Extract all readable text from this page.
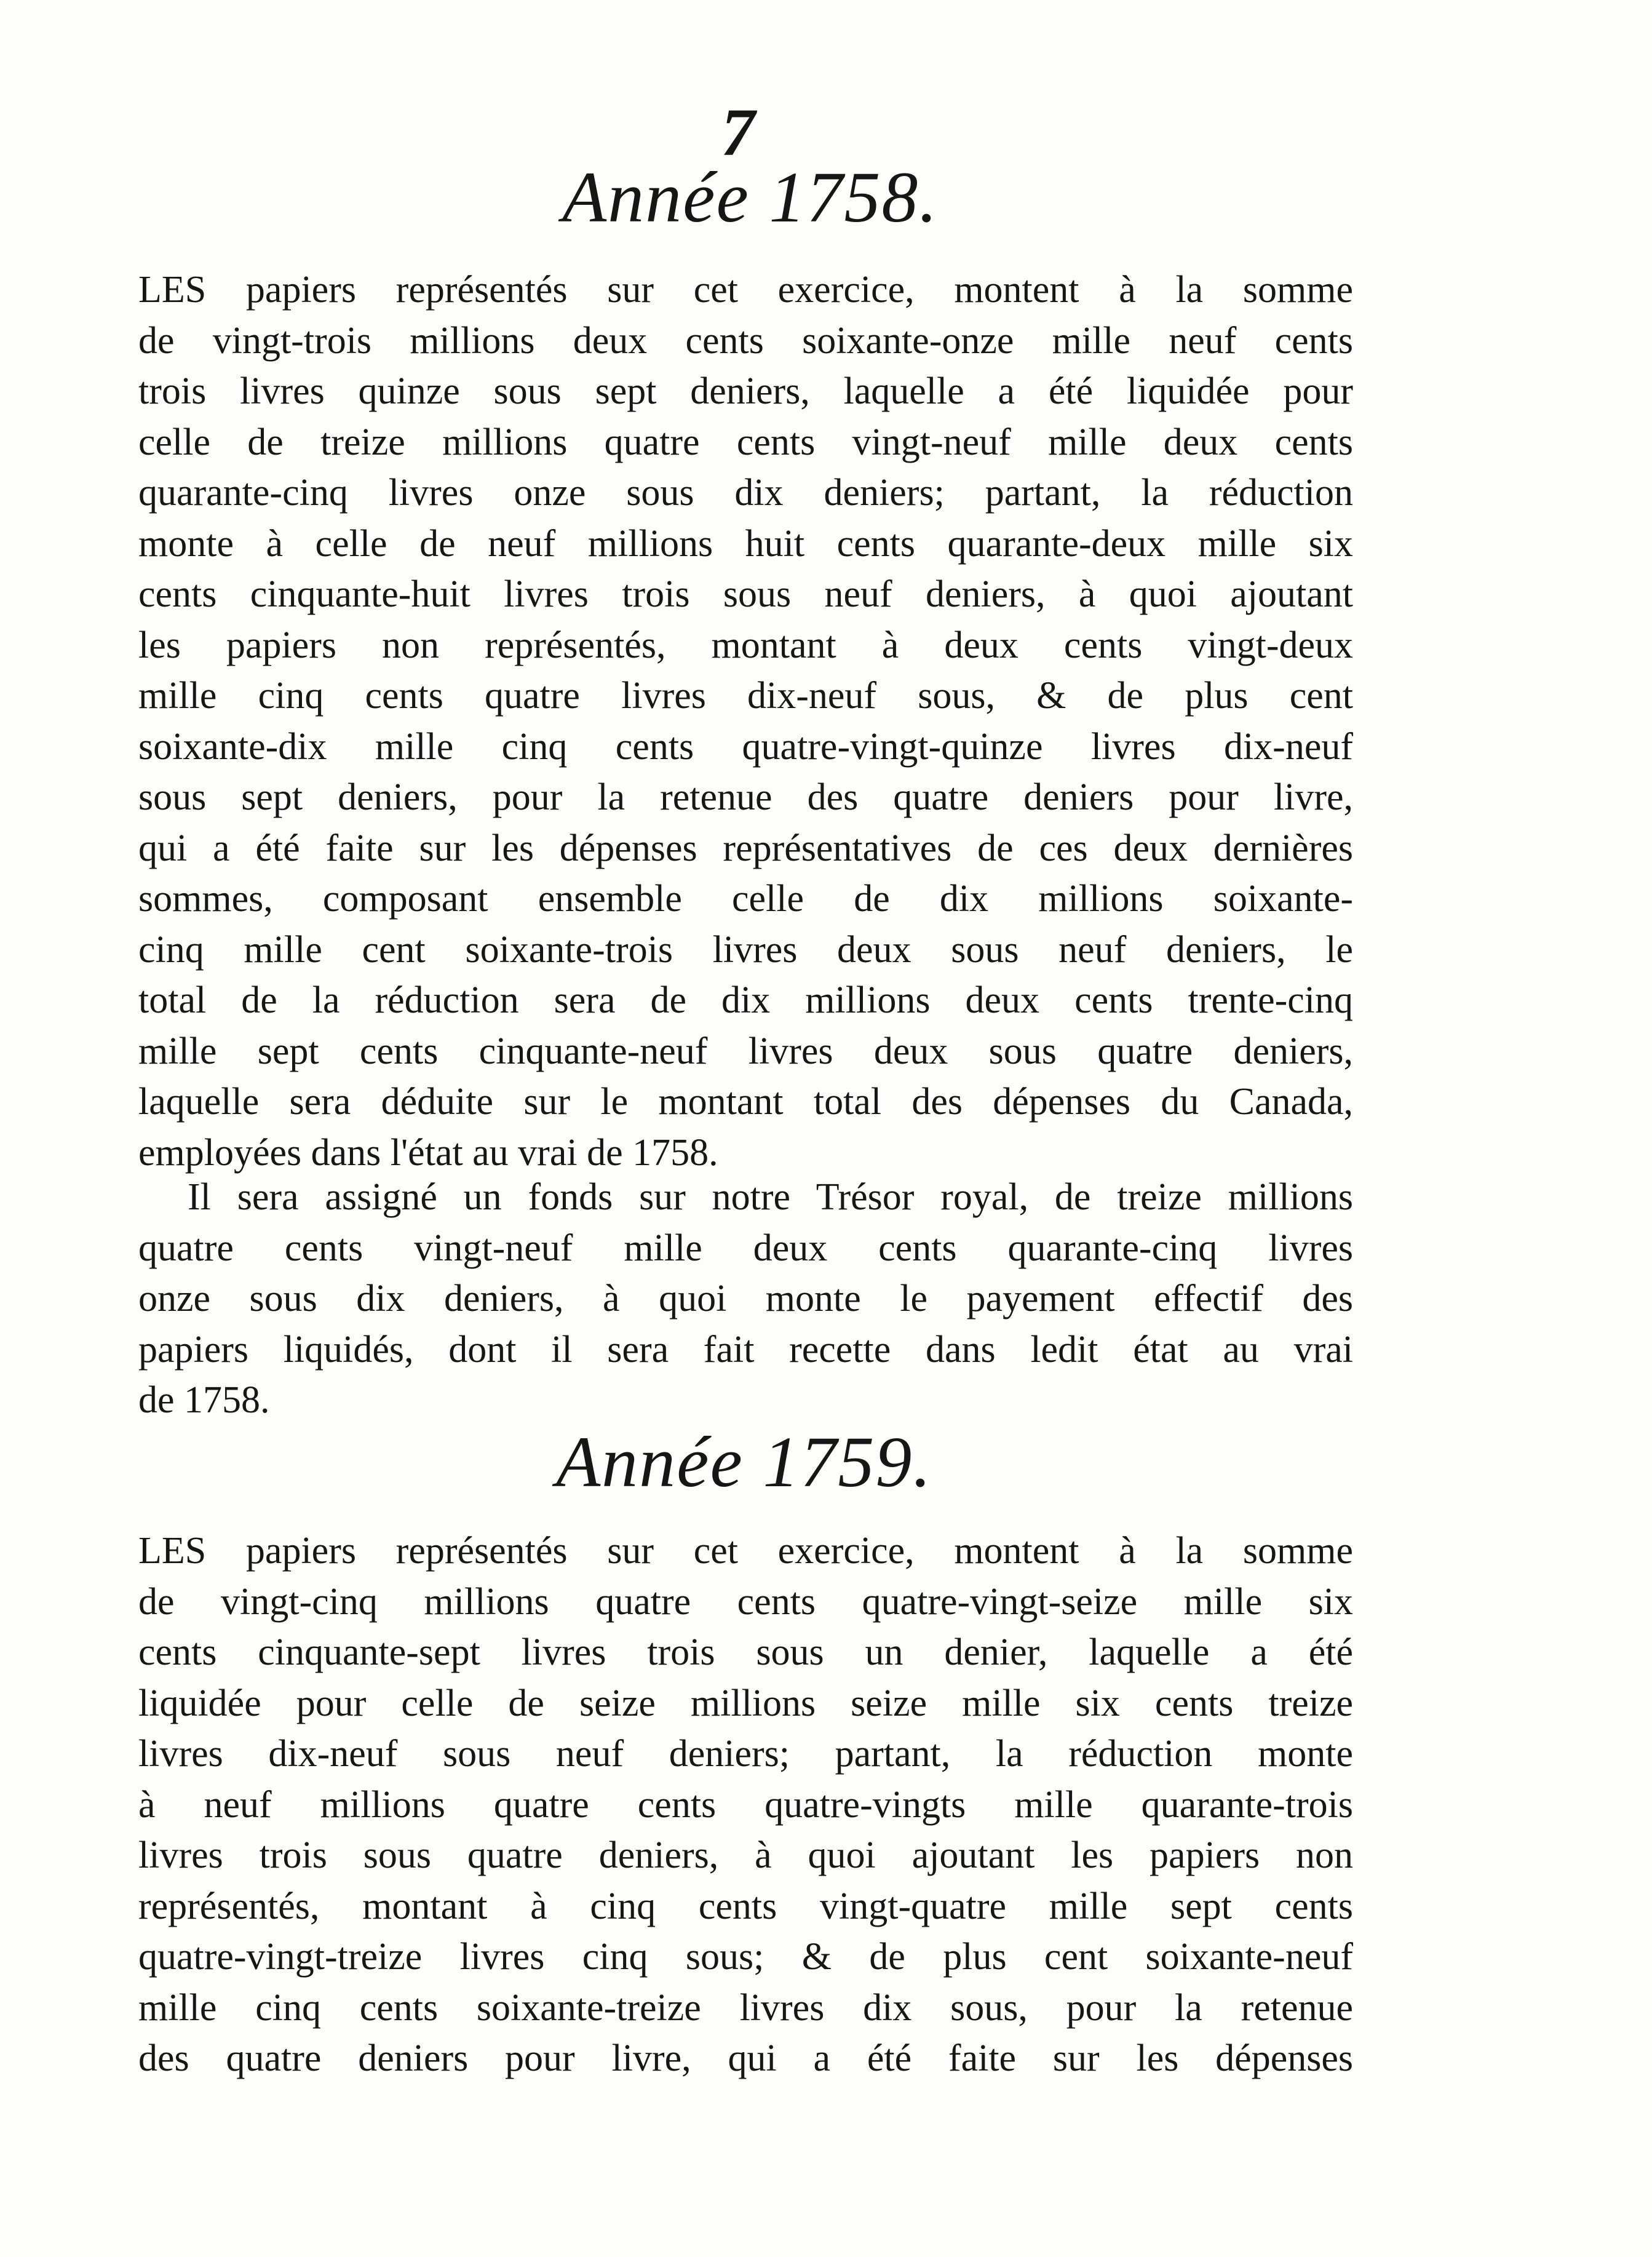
7
Année 1758.
LES papiers représentés sur cet exercice, montent à la somme
de vingt-trois millions deux cents soixante-onze mille neuf cents
trois livres quinze sous sept deniers, laquelle a été liquidée pour
celle de treize millions quatre cents vingt-neuf mille deux cents
quarante-cinq livres onze sous dix deniers; partant, la réduction
monte à celle de neuf millions huit cents quarante-deux mille six
cents cinquante-huit livres trois sous neuf deniers, à quoi ajoutant
les papiers non représentés, montant à deux cents vingt-deux
mille cinq cents quatre livres dix-neuf sous, & de plus cent
soixante-dix mille cinq cents quatre-vingt-quinze livres dix-neuf
sous sept deniers, pour la retenue des quatre deniers pour livre,
qui a été faite sur les dépenses représentatives de ces deux dernières
sommes, composant ensemble celle de dix millions soixante-
cinq mille cent soixante-trois livres deux sous neuf deniers, le
total de la réduction sera de dix millions deux cents trente-cinq
mille sept cents cinquante-neuf livres deux sous quatre deniers,
laquelle sera déduite sur le montant total des dépenses du Canada,
employées dans l'état au vrai de 1758.
Il sera assigné un fonds sur notre Trésor royal, de treize millions
quatre cents vingt-neuf mille deux cents quarante-cinq livres
onze sous dix deniers, à quoi monte le payement effectif des
papiers liquidés, dont il sera fait recette dans ledit état au vrai
de 1758.
Année 1759.
LES papiers représentés sur cet exercice, montent à la somme
de vingt-cinq millions quatre cents quatre-vingt-seize mille six
cents cinquante-sept livres trois sous un denier, laquelle a été
liquidée pour celle de seize millions seize mille six cents treize
livres dix-neuf sous neuf deniers; partant, la réduction monte
à neuf millions quatre cents quatre-vingts mille quarante-trois
livres trois sous quatre deniers, à quoi ajoutant les papiers non
représentés, montant à cinq cents vingt-quatre mille sept cents
quatre-vingt-treize livres cinq sous; & de plus cent soixante-neuf
mille cinq cents soixante-treize livres dix sous, pour la retenue
des quatre deniers pour livre, qui a été faite sur les dépenses
